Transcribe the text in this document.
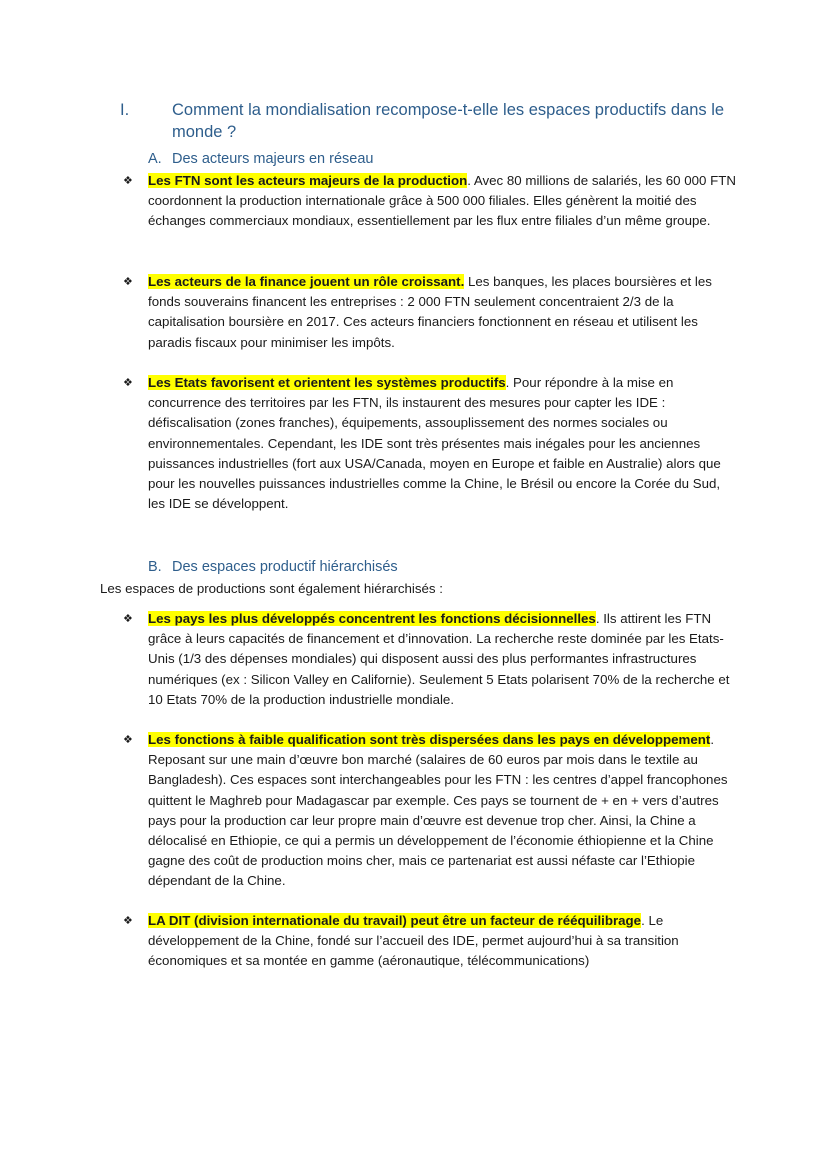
I.	Comment la mondialisation recompose-t-elle les espaces productifs dans le monde ?
A. Des acteurs majeurs en réseau
❖	Les FTN sont les acteurs majeurs de la production. Avec 80 millions de salariés, les 60 000 FTN coordonnent la production internationale grâce à 500 000 filiales. Elles génèrent la moitié des échanges commerciaux mondiaux, essentiellement par les flux entre filiales d’un même groupe.
❖	Les acteurs de la finance jouent un rôle croissant. Les banques, les places boursières et les fonds souverains financent les entreprises : 2 000 FTN seulement concentraient 2/3 de la capitalisation boursière en 2017. Ces acteurs financiers fonctionnent en réseau et utilisent les paradis fiscaux pour minimiser les impôts.
❖	Les Etats favorisent et orientent les systèmes productifs. Pour répondre à la mise en concurrence des territoires par les FTN, ils instaurent des mesures pour capter les IDE : défiscalisation (zones franches), équipements, assouplissement des normes sociales ou environnementales. Cependant, les IDE sont très présentes mais inégales pour les anciennes puissances industrielles (fort aux USA/Canada, moyen en Europe et faible en Australie) alors que pour les nouvelles puissances industrielles comme la Chine, le Brésil ou encore la Corée du Sud, les IDE se développent.
B. Des espaces productif hiérarchisés
Les espaces de productions sont également hiérarchisés :
❖	Les pays les plus développés concentrent les fonctions décisionnelles. Ils attirent les FTN grâce à leurs capacités de financement et d’innovation. La recherche reste dominée par les Etats-Unis (1/3 des dépenses mondiales) qui disposent aussi des plus performantes infrastructures numériques (ex : Silicon Valley en Californie). Seulement 5 Etats polarisent 70% de la recherche et 10 Etats 70% de la production industrielle mondiale.
❖	Les fonctions à faible qualification sont très dispersées dans les pays en développement. Reposant sur une main d’œuvre bon marché (salaires de 60 euros par mois dans le textile au Bangladesh). Ces espaces sont interchangeables pour les FTN : les centres d’appel francophones quittent le Maghreb pour Madagascar par exemple. Ces pays se tournent de + en + vers d’autres pays pour la production car leur propre main d’œuvre est devenue trop cher. Ainsi, la Chine a délocalisé en Ethiopie, ce qui a permis un développement de l’économie éthiopienne et la Chine gagne des coût de production moins cher, mais ce partenariat est aussi néfaste car l’Ethiopie dépendant de la Chine.
❖	LA DIT (division internationale du travail) peut être un facteur de rééquilibrage. Le développement de la Chine, fondé sur l’accueil des IDE, permet aujourd’hui à sa transition économiques et sa montée en gamme (aéronautique, télécommunications)
